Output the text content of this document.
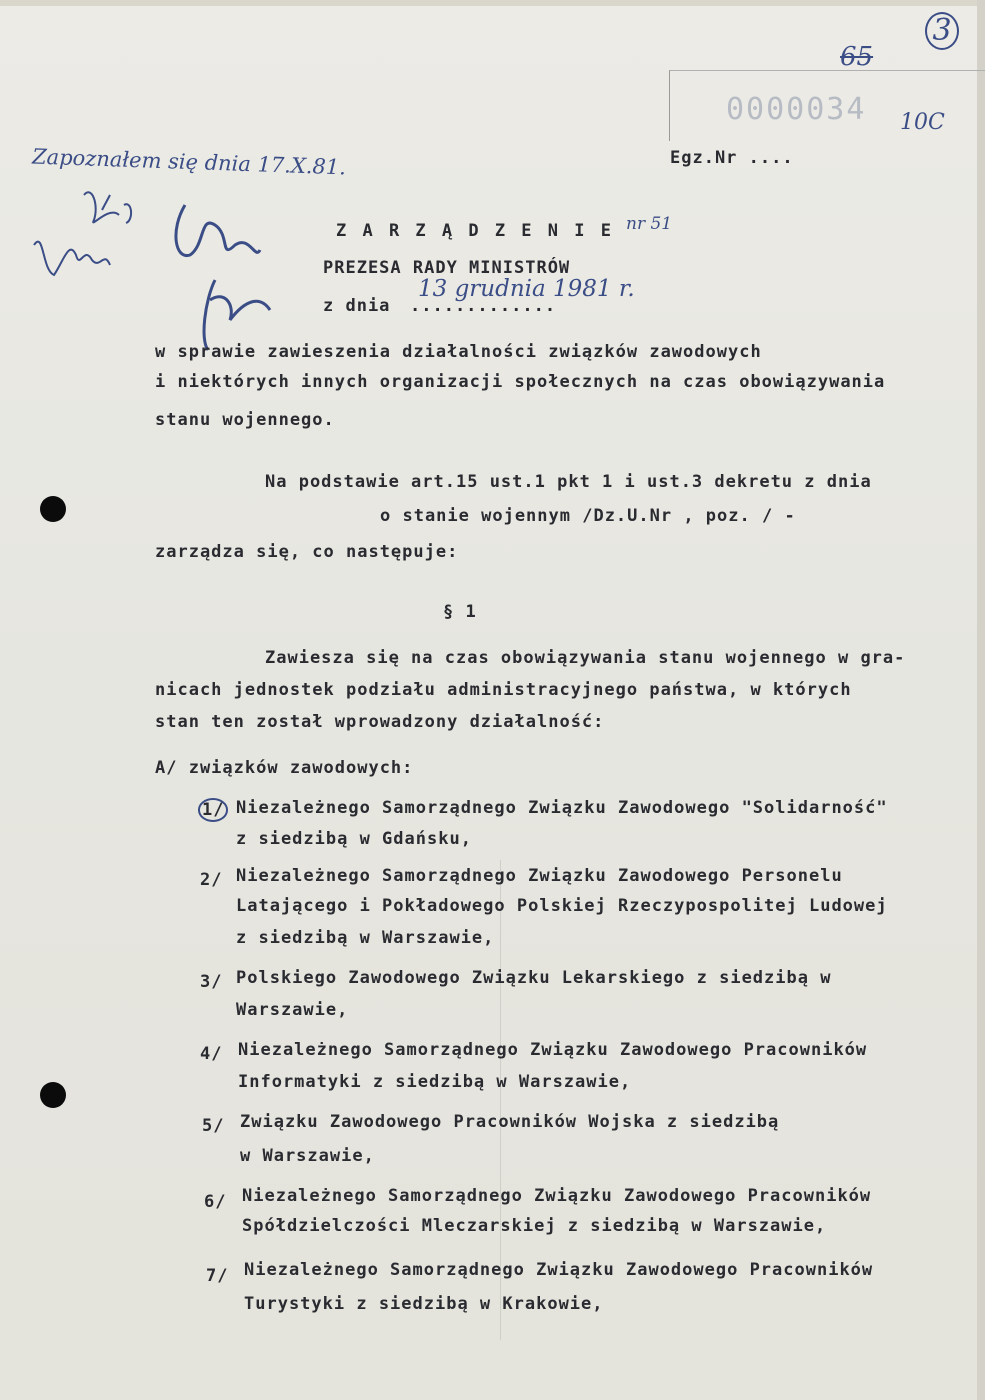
0000034
65
3
10C
Zapoznałem się dnia 17.X.81.
nr 51
13 grudnia 1981 r.
Egz.Nr ....
Z A R Z Ą D Z E N I E
PREZESA RADY MINISTRÓW
z dnia .............
w sprawie zawieszenia działalności związków zawodowych
i niektórych innych organizacji społecznych na czas obowiązywania
stanu wojennego.
Na podstawie art.15 ust.1 pkt 1 i ust.3 dekretu z dnia
o stanie wojennym /Dz.U.Nr , poz. / -
zarządza się, co następuje:
§ 1
Zawiesza się na czas obowiązywania stanu wojennego w gra-
nicach jednostek podziału administracyjnego państwa, w których
stan ten został wprowadzony działalność:
A/ związków zawodowych:
1/ Niezależnego Samorządnego Związku Zawodowego "Solidarność"
z siedzibą w Gdańsku,
2/ Niezależnego Samorządnego Związku Zawodowego Personelu
Latającego i Pokładowego Polskiej Rzeczypospolitej Ludowej
z siedzibą w Warszawie,
3/ Polskiego Zawodowego Związku Lekarskiego z siedzibą w
Warszawie,
4/ Niezależnego Samorządnego Związku Zawodowego Pracowników
Informatyki z siedzibą w Warszawie,
5/ Związku Zawodowego Pracowników Wojska z siedzibą
w Warszawie,
6/ Niezależnego Samorządnego Związku Zawodowego Pracowników
Spółdzielczości Mleczarskiej z siedzibą w Warszawie,
7/ Niezależnego Samorządnego Związku Zawodowego Pracowników
Turystyki z siedzibą w Krakowie,
